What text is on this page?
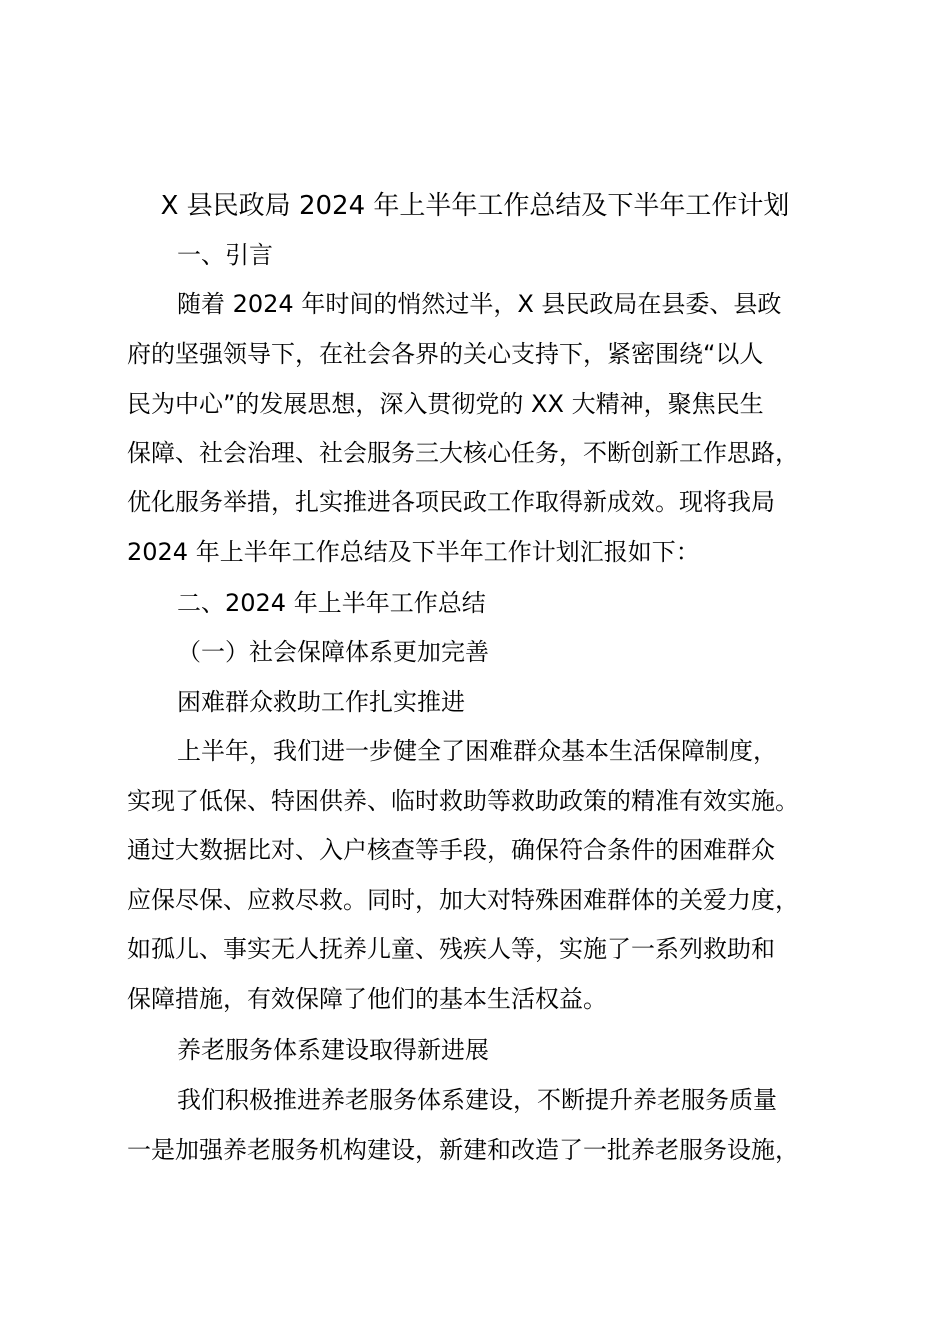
X 县民政局 2024 年上半年工作总结及下半年工作计划
一、引言
随着 2024 年时间的悄然过半，X 县民政局在县委、县政
府的坚强领导下，在社会各界的关心支持下，紧密围绕“以人
民为中心”的发展思想，深入贯彻党的 XX 大精神，聚焦民生
保障、社会治理、社会服务三大核心任务，不断创新工作思路，
优化服务举措，扎实推进各项民政工作取得新成效。现将我局
2024 年上半年工作总结及下半年工作计划汇报如下：
二、2024 年上半年工作总结
（一）社会保障体系更加完善
困难群众救助工作扎实推进
上半年，我们进一步健全了困难群众基本生活保障制度，
实现了低保、特困供养、临时救助等救助政策的精准有效实施。
通过大数据比对、入户核查等手段，确保符合条件的困难群众
应保尽保、应救尽救。同时，加大对特殊困难群体的关爱力度，
如孤儿、事实无人抚养儿童、残疾人等，实施了一系列救助和
保障措施，有效保障了他们的基本生活权益。
养老服务体系建设取得新进展
我们积极推进养老服务体系建设，不断提升养老服务质量
一是加强养老服务机构建设，新建和改造了一批养老服务设施，
